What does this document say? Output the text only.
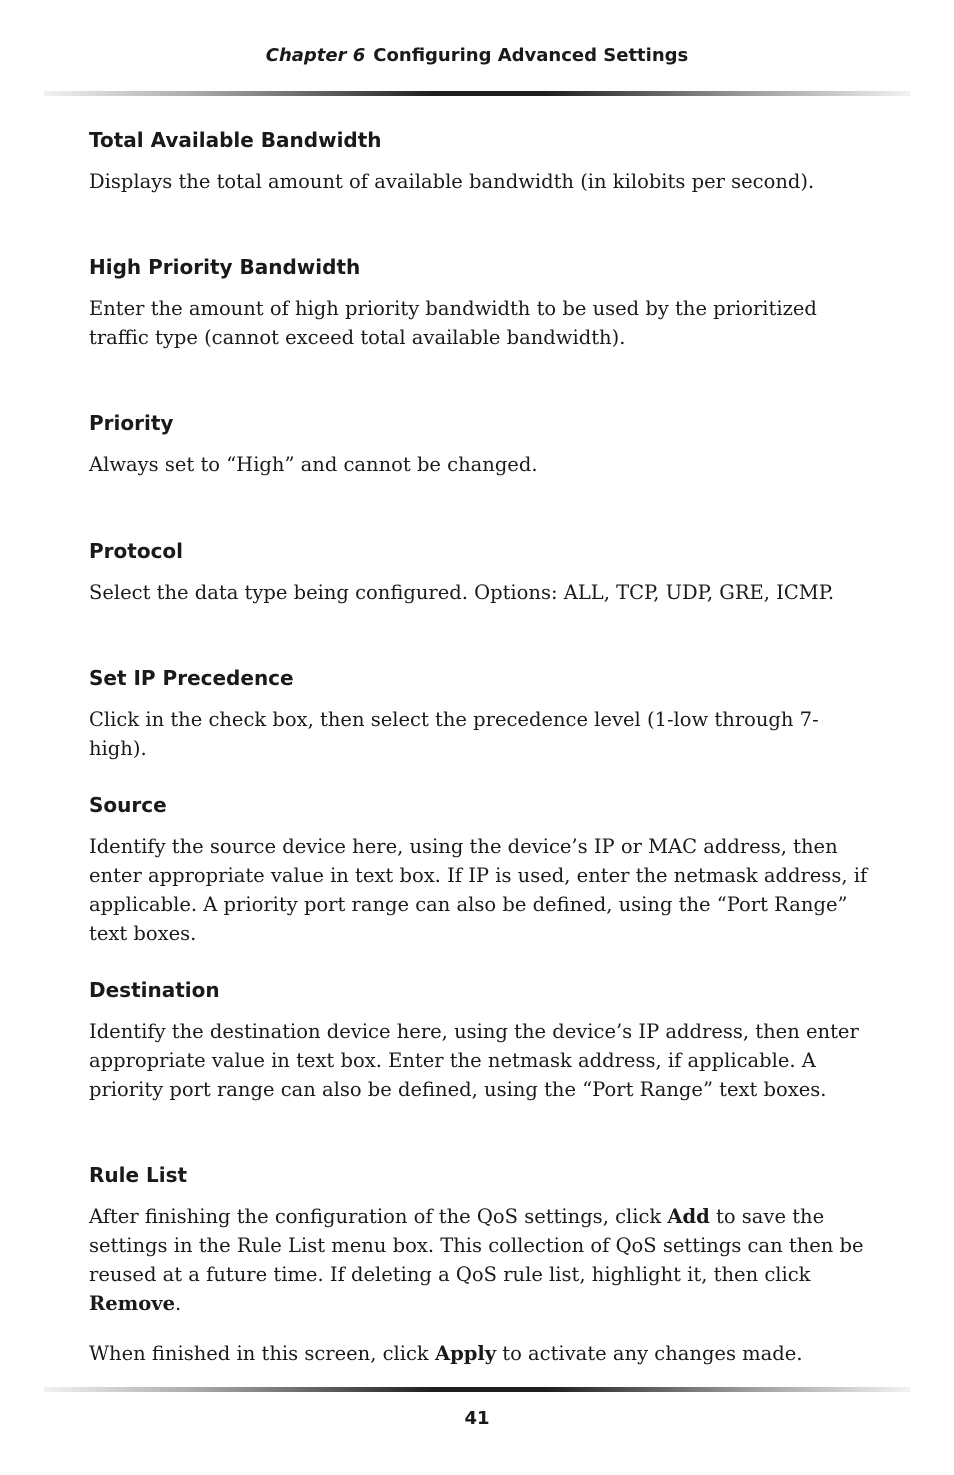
Chapter 6 Configuring Advanced Settings
Total Available Bandwidth

Displays the total amount of available bandwidth (in kilobits per second).

High Priority Bandwidth

Enter the amount of high priority bandwidth to be used by the prioritized traffic type (cannot exceed total available bandwidth).

Priority

Always set to “High” and cannot be changed.

Protocol

Select the data type being configured. Options: ALL, TCP, UDP, GRE, ICMP.

Set IP Precedence

Click in the check box, then select the precedence level (1-low through 7-high).

Source

Identify the source device here, using the device’s IP or MAC address, then enter appropriate value in text box. If IP is used, enter the netmask address, if applicable. A priority port range can also be defined, using the “Port Range” text boxes.

Destination

Identify the destination device here, using the device’s IP address, then enter appropriate value in text box. Enter the netmask address, if applicable. A priority port range can also be defined, using the “Port Range” text boxes.

Rule List

After finishing the configuration of the QoS settings, click Add to save the settings in the Rule List menu box. This collection of QoS settings can then be reused at a future time. If deleting a QoS rule list, highlight it, then click Remove.

When finished in this screen, click Apply to activate any changes made.

41
